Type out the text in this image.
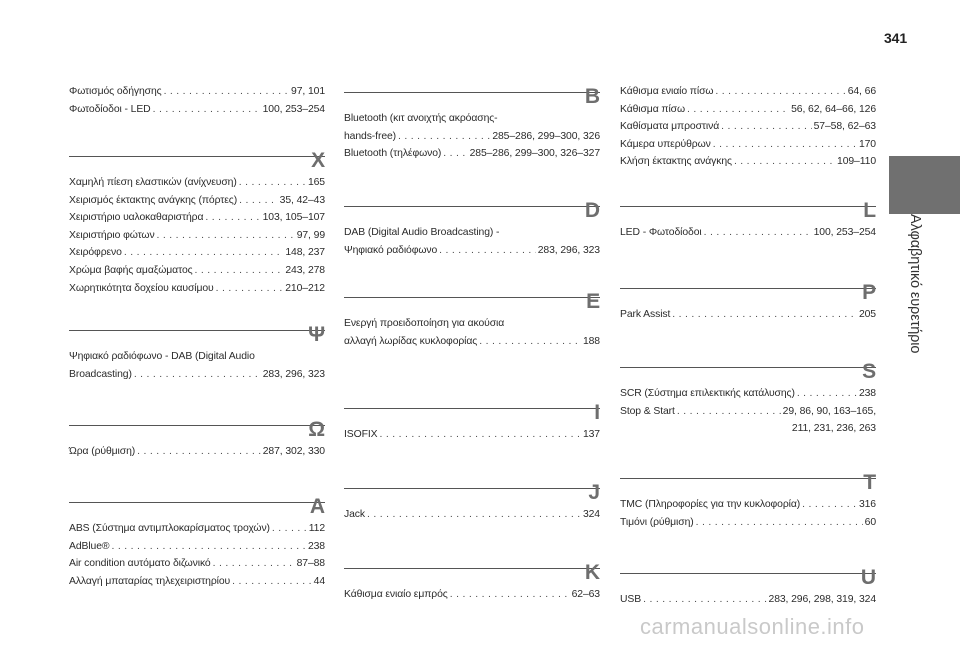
341
Αλφαβητικό ευρετήριο
Φωτισμός οδήγησης . . .	97, 101
Φωτοδίοδοι - LED . . .	100, 253–254
Χ
Χαμηλή πίεση ελαστικών (ανίχνευση) . . .	165
Χειρισμός έκτακτης ανάγκης (πόρτες) . . .	35, 42–43
Χειριστήριο υαλοκαθαριστήρα . . .	103, 105–107
Χειριστήριο φώτων . . .	97, 99
Χειρόφρενο . . .	148, 237
Χρώμα βαφής αμαξώματος . . .	243, 278
Χωρητικότητα δοχείου καυσίμου . . .	210–212
Ψ
Ψηφιακό ραδιόφωνο - DAB (Digital Audio
Broadcasting) . . .	283, 296, 323
Ω
Ώρα (ρύθμιση) . . .	287, 302, 330
A
ABS (Σύστημα αντιμπλοκαρίσματος τροχών) . . .	112
AdBlue® . . .	238
Air condition αυτόματο διζωνικό . . .	87–88
Αλλαγή μπαταρίας τηλεχειριστηρίου . . .	44
B
Bluetooth (κιτ ανοιχτής ακρόασης-
hands-free) . . .	285–286, 299–300, 326
Bluetooth (τηλέφωνο) . . .	285–286, 299–300, 326–327
D
DAB (Digital Audio Broadcasting) -
Ψηφιακό ραδιόφωνο . . .	283, 296, 323
E
Ενεργή προειδοποίηση για ακούσια
αλλαγή λωρίδας κυκλοφορίας . . .	188
I
ISOFIX . . .	137
J
Jack . . .	324
K
Κάθισμα ενιαίο εμπρός . . .	62–63
Κάθισμα ενιαίο πίσω . . .	64, 66
Κάθισμα πίσω . . .	56, 62, 64–66, 126
Καθίσματα μπροστινά . . .	57–58, 62–63
Κάμερα υπερύθρων . . .	170
Κλήση έκτακτης ανάγκης . . .	109–110
L
LED - Φωτοδίοδοι . . .	100, 253–254
P
Park Assist . . .	205
S
SCR (Σύστημα επιλεκτικής κατάλυσης) . . .	238
Stop & Start . . .	29, 86, 90, 163–165,
211, 231, 236, 263
T
TMC (Πληροφορίες για την κυκλοφορία) . . .	316
Τιμόνι (ρύθμιση) . . .	60
U
USB . . .	283, 296, 298, 319, 324
carmanualsonline.info
